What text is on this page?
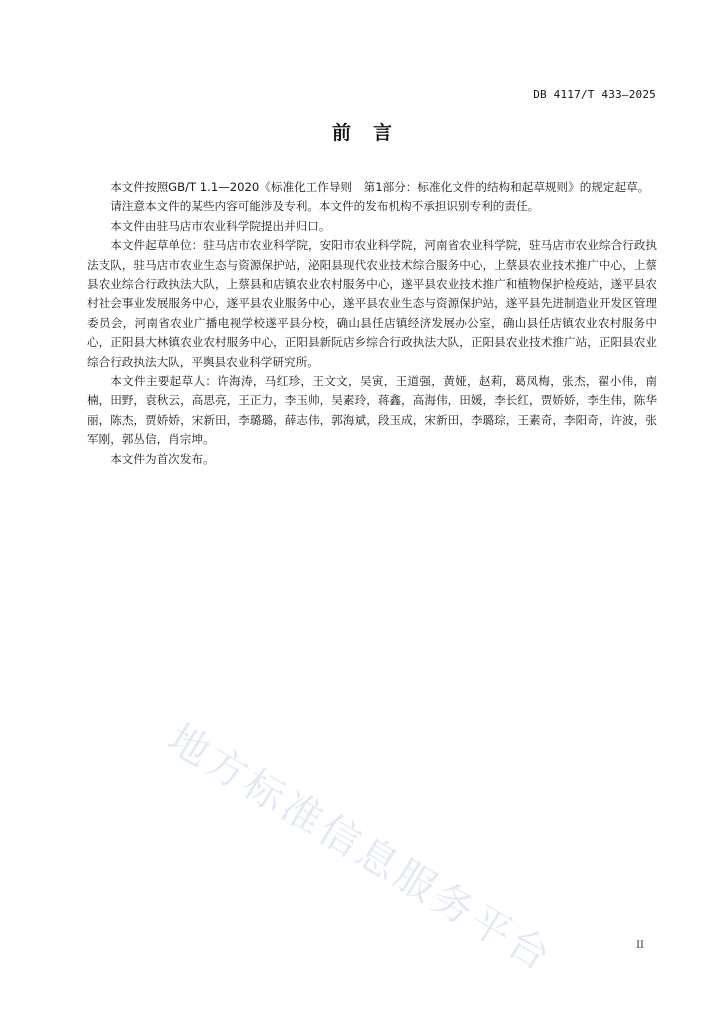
DB 4117/T 433—2025
前言

本文件按照GB/T 1.1—2020《标准化工作导则　第1部分：标准化文件的结构和起草规则》的规定起草。

请注意本文件的某些内容可能涉及专利。本文件的发布机构不承担识别专利的责任。

本文件由驻马店市农业科学院提出并归口。

本文件起草单位：驻马店市农业科学院，安阳市农业科学院，河南省农业科学院，驻马店市农业综合行政执法支队，驻马店市农业生态与资源保护站，泌阳县现代农业技术综合服务中心，上蔡县农业技术推广中心，上蔡县农业综合行政执法大队，上蔡县和店镇农业农村服务中心，遂平县农业技术推广和植物保护检疫站，遂平县农村社会事业发展服务中心，遂平县农业服务中心，遂平县农业生态与资源保护站，遂平县先进制造业开发区管理委员会，河南省农业广播电视学校遂平县分校，确山县任店镇经济发展办公室，确山县任店镇农业农村服务中心，正阳县大林镇农业农村服务中心，正阳县新阮店乡综合行政执法大队，正阳县农业技术推广站，正阳县农业综合行政执法大队，平舆县农业科学研究所。

本文件主要起草人：许海涛，马红珍，王文文，吴寅，王道强，黄娅，赵莉，葛凤梅，张杰，翟小伟，南楠，田野，袁秋云，高思亮，王正力，李玉帅，吴素玲，蒋鑫，高海伟，田媛，李长红，贾娇娇，李生伟，陈华丽，陈杰，贾娇娇，宋新田，李璐璐，薛志伟，郭海斌，段玉成，宋新田，李璐琮，王素奇，李阳奇，许波，张军刚，郭丛信，肖宗坤。

本文件为首次发布。

地方标准信息服务平台	II
